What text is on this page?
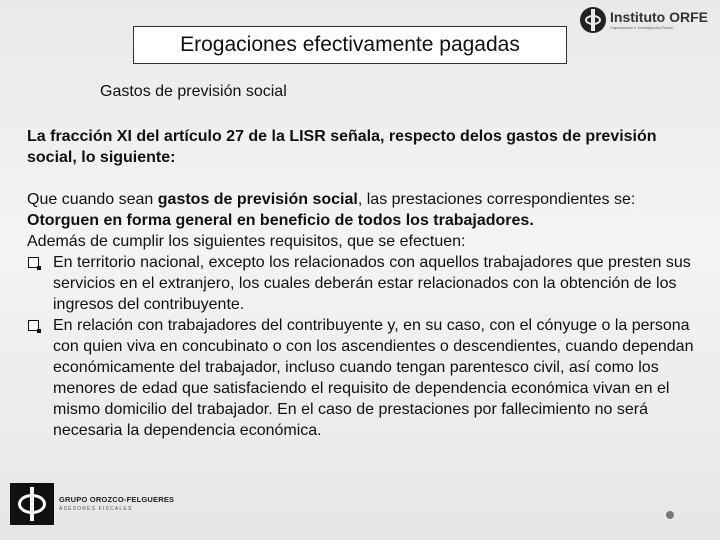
Instituto ORFE
Capacitación e Investigación Fiscal
Erogaciones efectivamente pagadas
Gastos de previsión social

La fracción XI del artículo 27 de la LISR señala, respecto delos gastos de previsión social, lo siguiente:

Que cuando sean gastos de previsión social, las prestaciones correspondientes se:

Otorguen en forma general en beneficio de todos los trabajadores.

Además de cumplir los siguientes requisitos, que se efectuen:

En territorio nacional, excepto los relacionados con aquellos trabajadores que presten sus servicios en el extranjero, los cuales deberán estar relacionados con la obtención de los ingresos del contribuyente.
En relación con trabajadores del contribuyente y, en su caso, con el cónyuge o la persona con quien viva en concubinato o con los ascendientes o descendientes, cuando dependan económicamente del trabajador, incluso cuando tengan parentesco civil, así como los menores de edad que satisfaciendo el requisito de dependencia económica vivan en el mismo domicilio del trabajador. En el caso de prestaciones por fallecimiento no será necesaria la dependencia económica.
GRUPO OROZCO-FELGUERES
ASESORES FISCALES
